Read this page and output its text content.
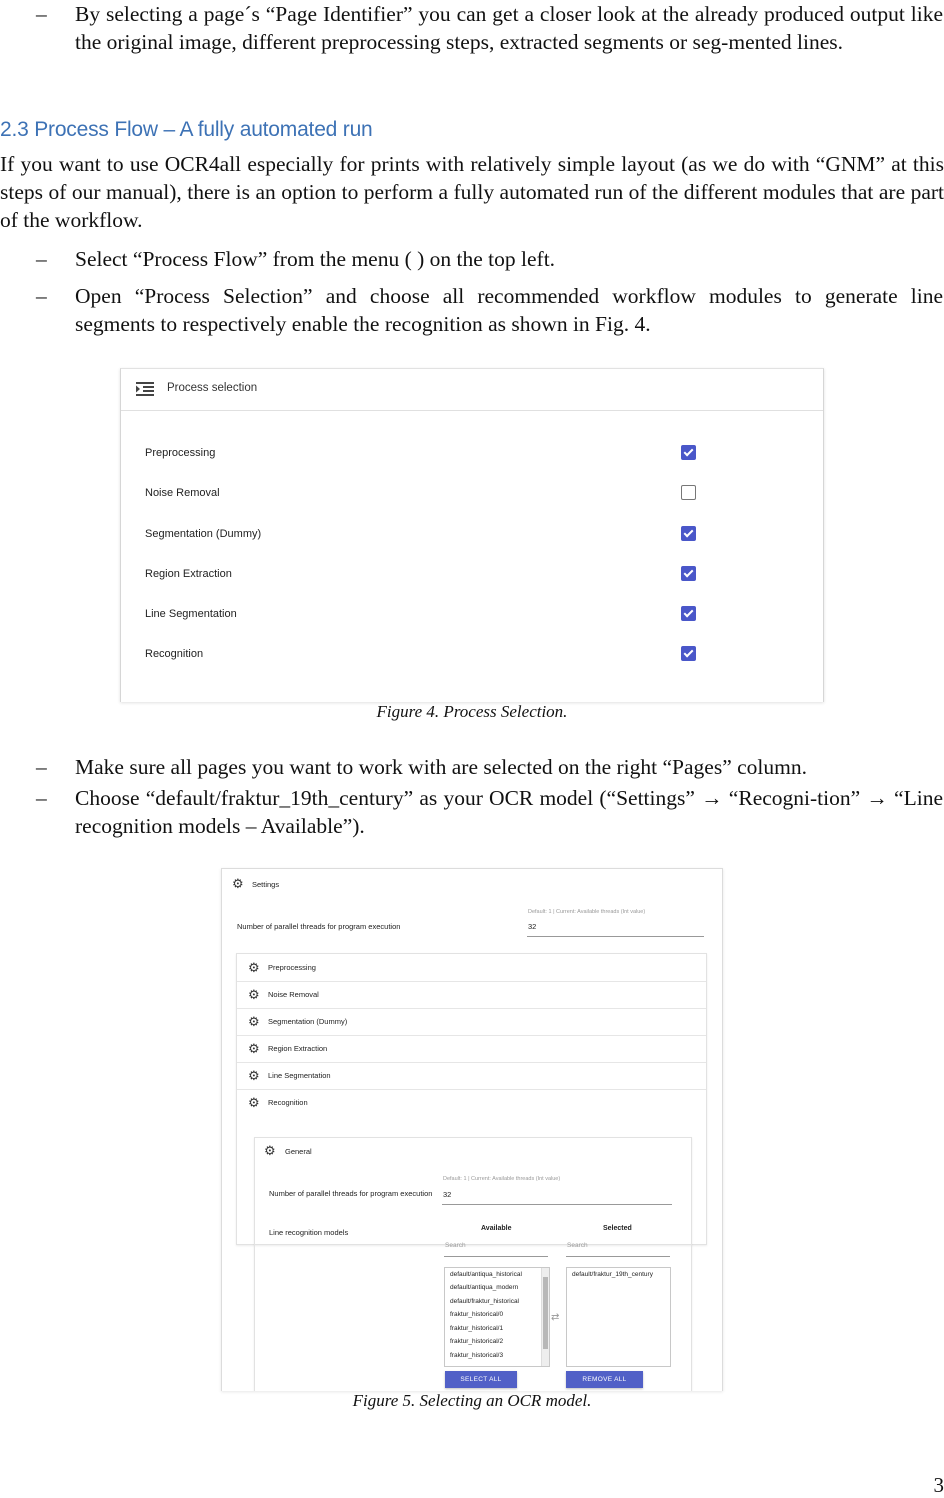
– By selecting a page´s “Page Identifier” you can get a closer look at the already produced output like the original image, different preprocessing steps, extracted segments or seg-mented lines.
2.3 Process Flow – A fully automated run
If you want to use OCR4all especially for prints with relatively simple layout (as we do with “GNM” at this steps of our manual), there is an option to perform a fully automated run of the different modules that are part of the workflow.
– Select “Process Flow” from the menu ( ) on the top left.
– Open “Process Selection” and choose all recommended workflow modules to generate line segments to respectively enable the recognition as shown in Fig. 4.
Process selection
Preprocessing
Noise Removal
Segmentation (Dummy)
Region Extraction
Line Segmentation
Recognition
Figure 4. Process Selection.
– Make sure all pages you want to work with are selected on the right “Pages” column.
– Choose “default/fraktur_19th_century” as your OCR model (“Settings” → “Recogni-tion” → “Line recognition models – Available”).
⚙ Settings
Number of parallel threads for program execution
Default: 1 | Current: Available threads (Int value)
32
⚙ Preprocessing
⚙ Noise Removal
⚙ Segmentation (Dummy)
⚙ Region Extraction
⚙ Line Segmentation
⚙ Recognition
⚙ General
Number of parallel threads for program execution
Default: 1 | Current: Available threads (Int value)
32
Line recognition models	Available	Selected
Search	Search
default/antiqua_historical
default/antiqua_modern
default/fraktur_historical
fraktur_historical/0
fraktur_historical/1
fraktur_historical/2
fraktur_historical/3
⇄
default/fraktur_19th_century
SELECT ALL	REMOVE ALL
Figure 5. Selecting an OCR model.
3
